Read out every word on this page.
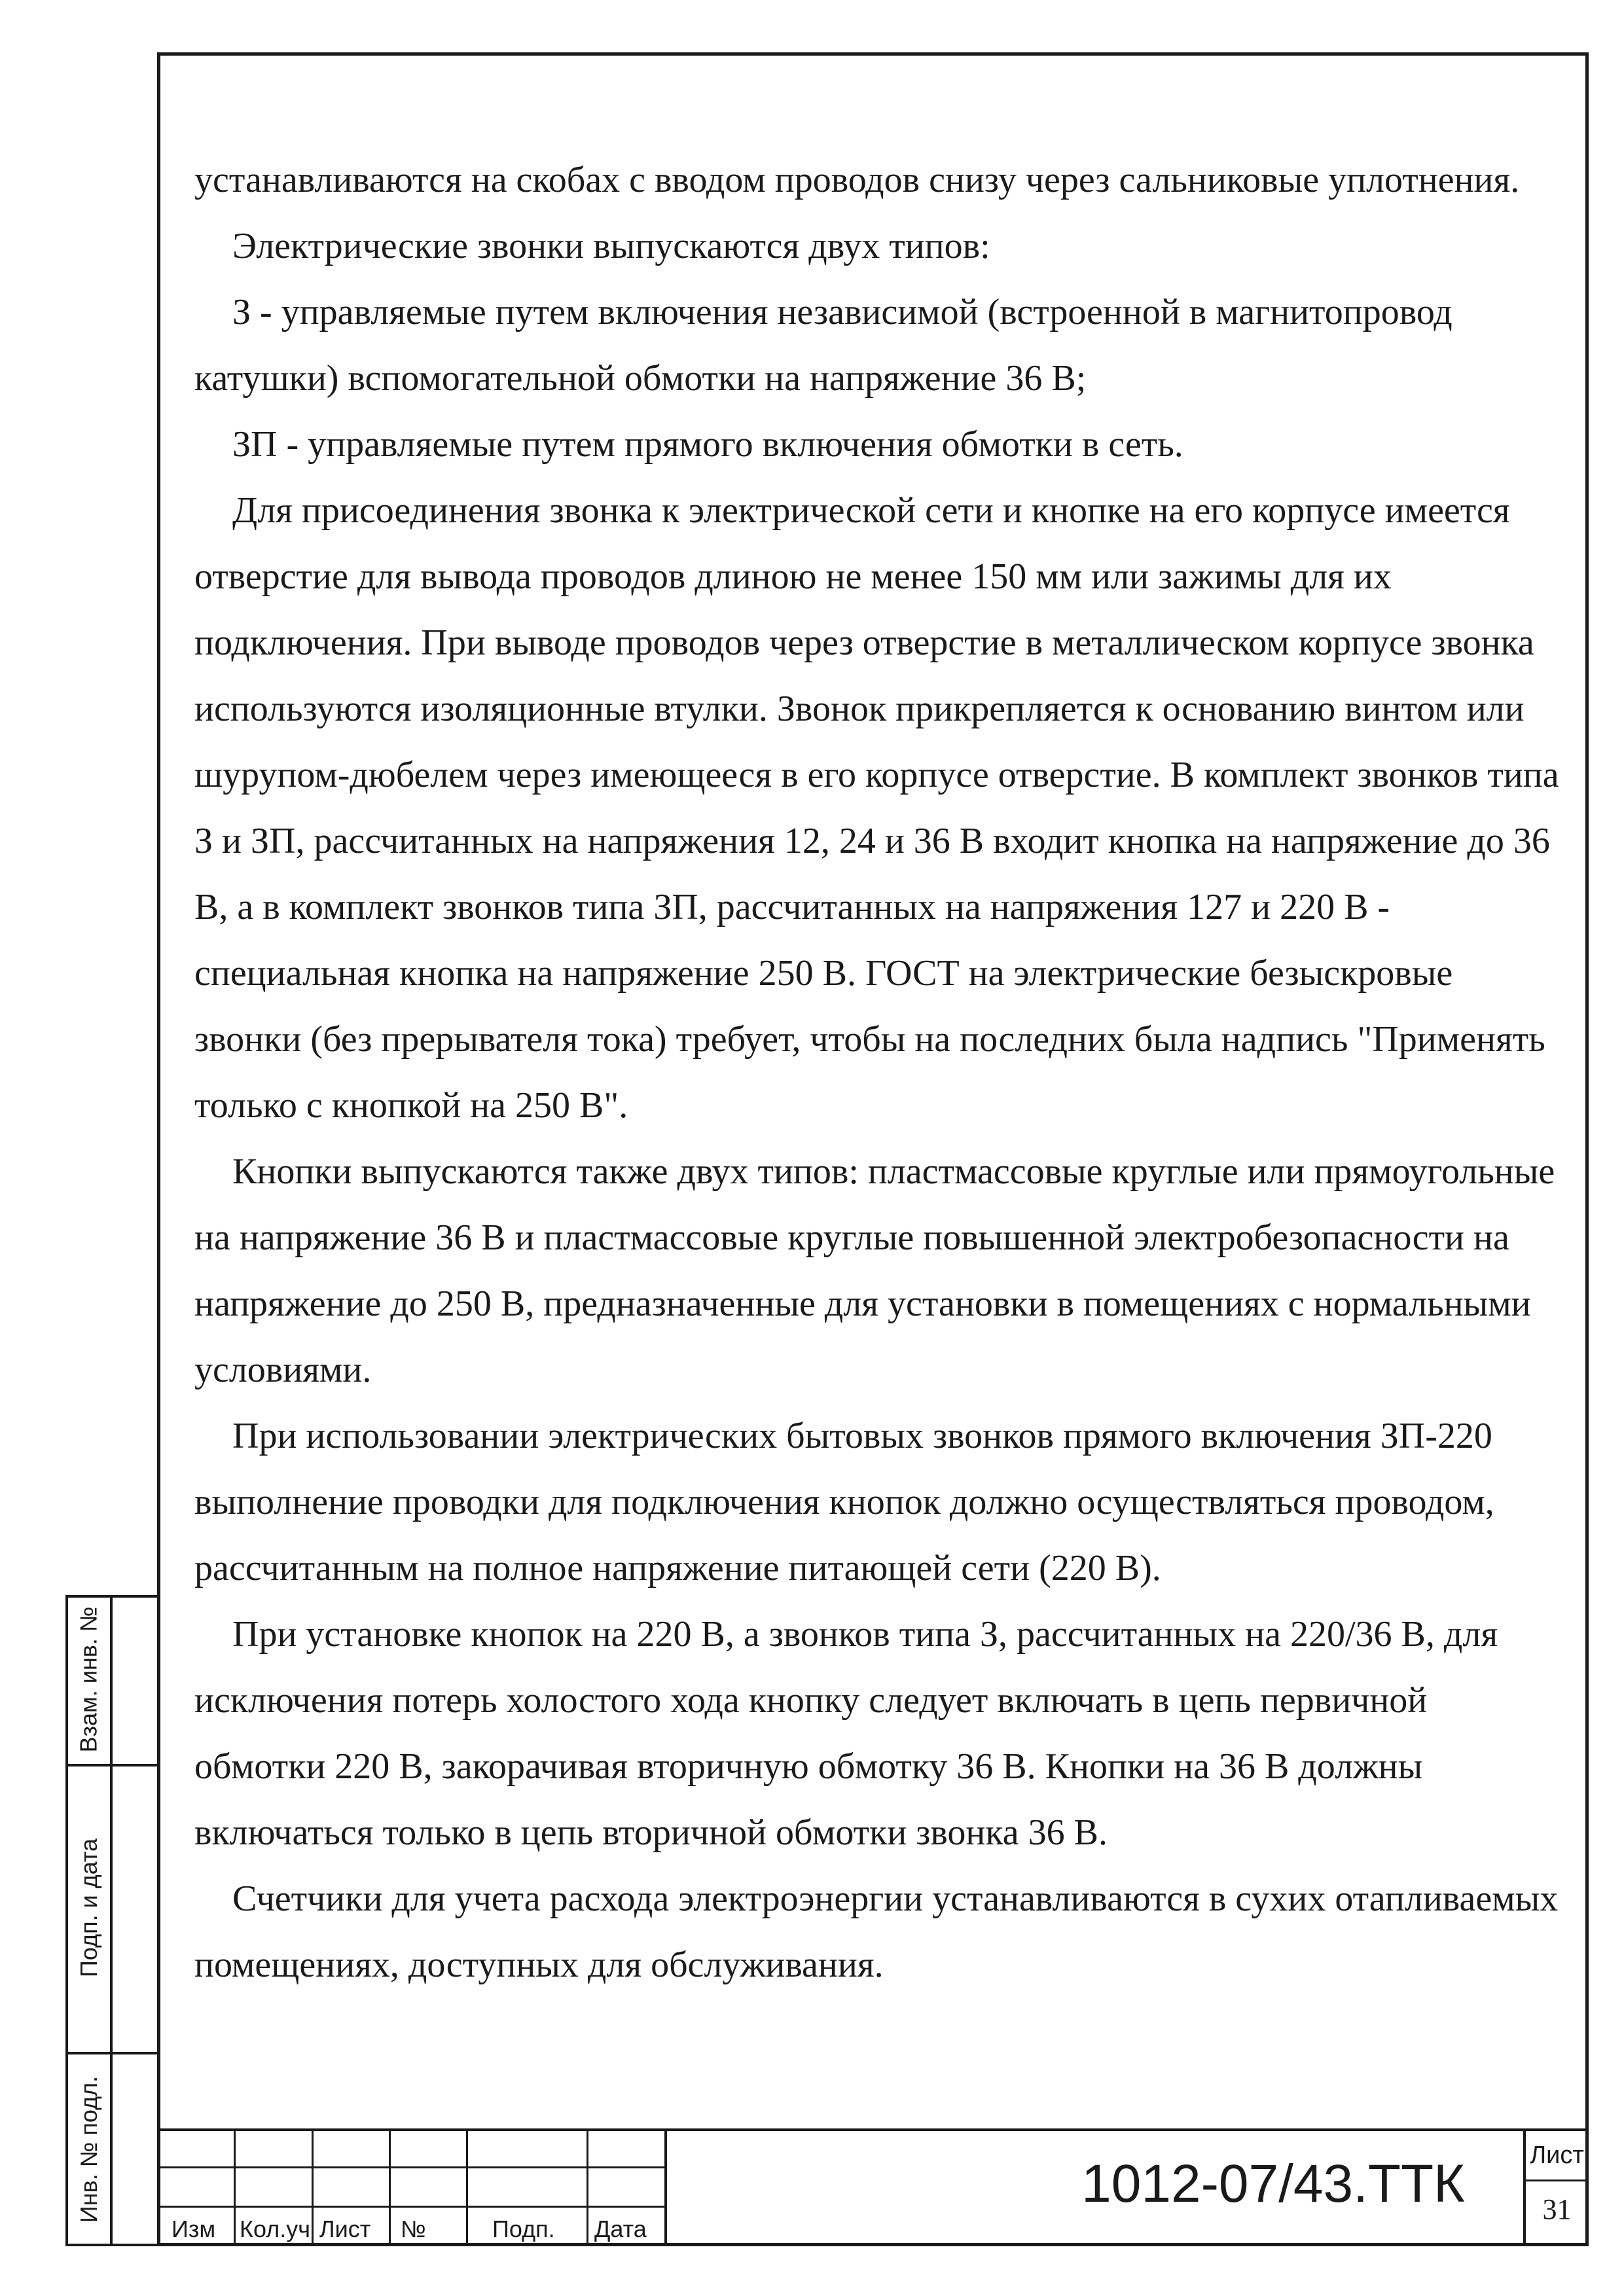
устанавливаются на скобах с вводом проводов снизу через сальниковые уплотнения.

Электрические звонки выпускаются двух типов:

З - управляемые путем включения независимой (встроенной в магнитопровод катушки) вспомогательной обмотки на напряжение 36 В;

ЗП - управляемые путем прямого включения обмотки в сеть.

Для присоединения звонка к электрической сети и кнопке на его корпусе имеется отверстие для вывода проводов длиною не менее 150 мм или зажимы для их подключения. При выводе проводов через отверстие в металлическом корпусе звонка используются изоляционные втулки. Звонок прикрепляется к основанию винтом или шурупом-дюбелем через имеющееся в его корпусе отверстие. В комплект звонков типа З и ЗП, рассчитанных на напряжения 12, 24 и 36 В входит кнопка на напряжение до 36 В, а в комплект звонков типа ЗП, рассчитанных на напряжения 127 и 220 В - специальная кнопка на напряжение 250 В. ГОСТ на электрические безыскровые звонки (без прерывателя тока) требует, чтобы на последних была надпись "Применять только с кнопкой на 250 В".

Кнопки выпускаются также двух типов: пластмассовые круглые или прямоугольные на напряжение 36 В и пластмассовые круглые повышенной электробезопасности на напряжение до 250 В, предназначенные для установки в помещениях с нормальными условиями.

При использовании электрических бытовых звонков прямого включения ЗП-220 выполнение проводки для подключения кнопок должно осуществляться проводом, рассчитанным на полное напряжение питающей сети (220 В).

При установке кнопок на 220 В, а звонков типа З, рассчитанных на 220/36 В, для исключения потерь холостого хода кнопку следует включать в цепь первичной обмотки 220 В, закорачивая вторичную обмотку 36 В. Кнопки на 36 В должны включаться только в цепь вторичной обмотки звонка 36 В.

Счетчики для учета расхода электроэнергии устанавливаются в сухих отапливаемых помещениях, доступных для обслуживания.

Взам. инв. №
Подп. и дата
Инв. № подл.
Изм Кол.уч Лист №	Подп. Дата
1012-07/43.ТТК	Лист
31
